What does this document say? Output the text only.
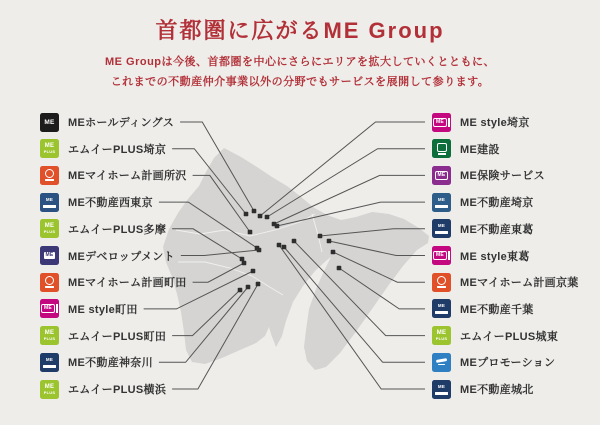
首都圏に広がるME Group

ME Groupは今後、首都圏を中心にさらにエリアを拡大していくとともに、
これまでの不動産仲介事業以外の分野でもサービスを展開して参ります。

ME MEホールディングス
ME
PLUS エムイーPLUS埼京
MEマイホーム計画所沢
ME ME不動産西東京
ME
PLUS エムイーPLUS多摩
ME MEデベロップメント
MEマイホーム計画町田
ME ME style町田
ME
PLUS エムイーPLUS町田
ME ME不動産神奈川
ME
PLUS エムイーPLUS横浜
ME ME style埼京
ME建設
ME ME保険サービス
ME ME不動産埼京
ME ME不動産東葛
ME ME style東葛
MEマイホーム計画京葉
ME ME不動産千葉
ME
PLUS エムイーPLUS城東
MEプロモーション
ME ME不動産城北
